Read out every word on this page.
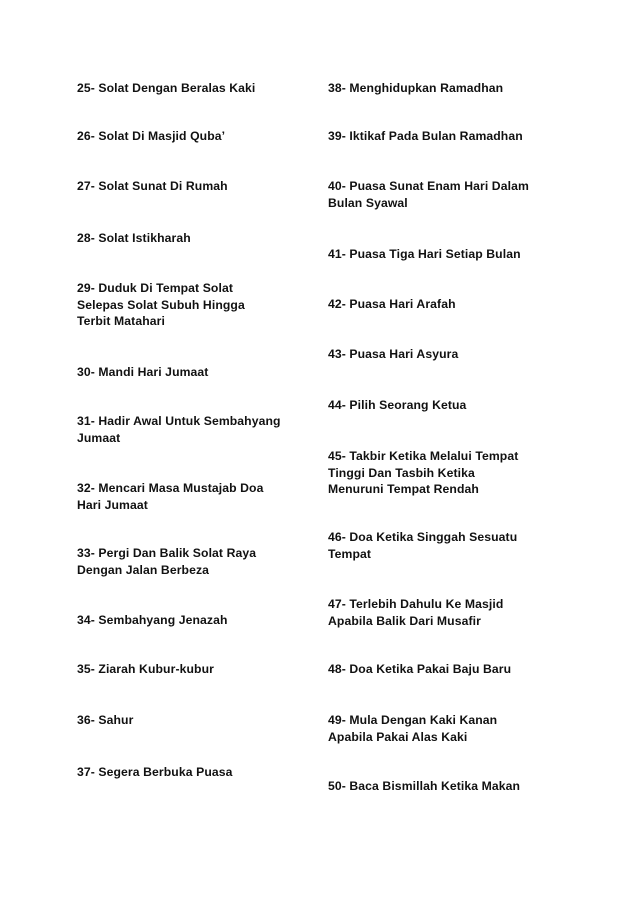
25- Solat Dengan Beralas Kaki

26- Solat Di Masjid Quba’

27- Solat Sunat Di Rumah

28- Solat Istikharah

29- Duduk Di Tempat Solat
Selepas Solat Subuh Hingga
Terbit Matahari

30- Mandi Hari Jumaat

31- Hadir Awal Untuk Sembahyang
Jumaat

32- Mencari Masa Mustajab Doa
Hari Jumaat

33- Pergi Dan Balik Solat Raya
Dengan Jalan Berbeza

34- Sembahyang Jenazah

35- Ziarah Kubur-kubur

36- Sahur

37- Segera Berbuka Puasa

38- Menghidupkan Ramadhan

39- Iktikaf Pada Bulan Ramadhan

40- Puasa Sunat Enam Hari Dalam
Bulan Syawal

41- Puasa Tiga Hari Setiap Bulan

42- Puasa Hari Arafah

43- Puasa Hari Asyura

44- Pilih Seorang Ketua

45- Takbir Ketika Melalui Tempat
Tinggi Dan Tasbih Ketika
Menuruni Tempat Rendah

46- Doa Ketika Singgah Sesuatu
Tempat

47- Terlebih Dahulu Ke Masjid
Apabila Balik Dari Musafir

48- Doa Ketika Pakai Baju Baru

49- Mula Dengan Kaki Kanan
Apabila Pakai Alas Kaki

50- Baca Bismillah Ketika Makan
